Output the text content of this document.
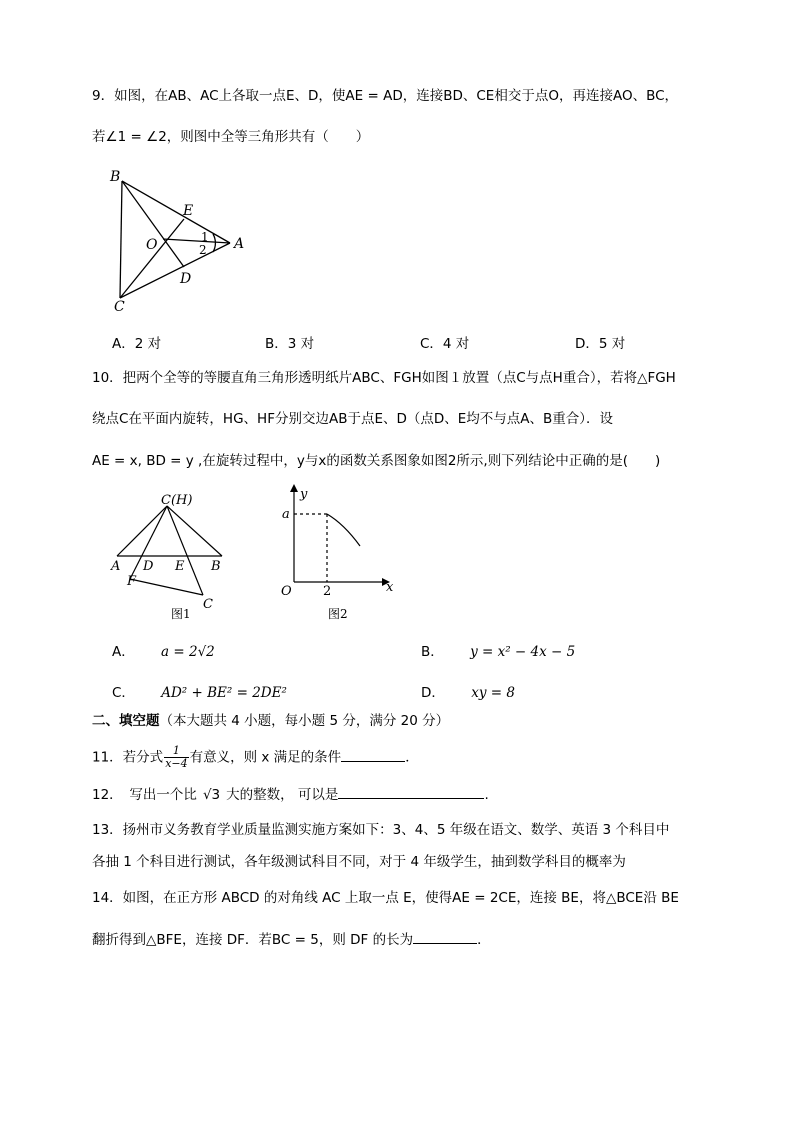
9．如图，在AB、AC上各取一点E、D，使AE = AD，连接BD、CE相交于点O，再连接AO、BC，
若∠1 = ∠2，则图中全等三角形共有（　　）
B
E
O	A
D
C
1
2
A．2 对	B．3 对	C．4 对	D．5 对
10．把两个全等的等腰直角三角形透明纸片ABC、FGH如图１放置（点C与点H重合），若将△FGH
绕点C在平面内旋转，HG、HF分别交边AB于点E、D（点D、E均不与点A、B重合）．设
AE = x, BD = y ,在旋转过程中，y与x的函数关系图象如图2所示,则下列结论中正确的是(　　)
C(H)
A D E B
F
C
图1
y
x
a
O 2
图2
A． a = 2√2	B． y = x² − 4x − 5
C． AD² + BE² = 2DE²	D． xy = 8
二、填空题（本大题共 4 小题，每小题 5 分，满分 20 分）
11．若分式 $\frac{1}{x-4}$ 有意义，则 x 满足的条件	．
12．　写出一个比 √3 大的整数， 可以是	.
13．扬州市义务教育学业质量监测实施方案如下：3、4、5 年级在语文、数学、英语 3 个科目中
各抽 1 个科目进行测试，各年级测试科目不同，对于 4 年级学生，抽到数学科目的概率为
14．如图，在正方形 ABCD 的对角线 AC 上取一点 E，使得AE = 2CE，连接 BE，将△BCE沿 BE
翻折得到△BFE，连接 DF．若BC = 5，则 DF 的长为	．
